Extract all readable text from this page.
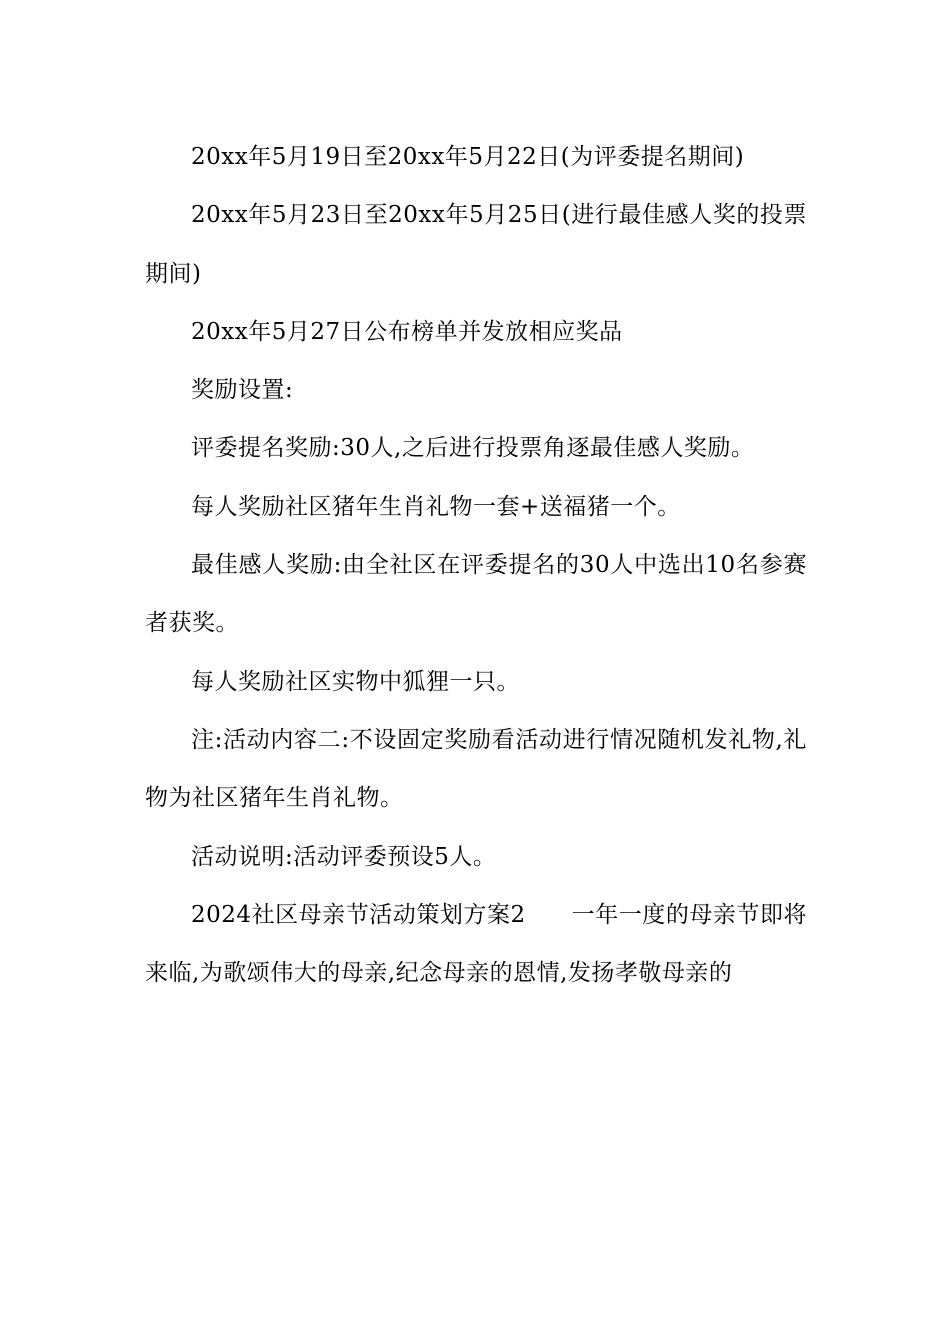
20xx年5月19日至20xx年5月22日(为评委提名期间)

20xx年5月23日至20xx年5月25日(进行最佳感人奖的投票期间)

20xx年5月27日公布榜单并发放相应奖品

奖励设置:

评委提名奖励:30人,之后进行投票角逐最佳感人奖励。

每人奖励社区猪年生肖礼物一套+送福猪一个。

最佳感人奖励:由全社区在评委提名的30人中选出10名参赛者获奖。

每人奖励社区实物中狐狸一只。

注:活动内容二:不设固定奖励看活动进行情况随机发礼物,礼物为社区猪年生肖礼物。

活动说明:活动评委预设5人。

2024社区母亲节活动策划方案2 一年一度的母亲节即将来临,为歌颂伟大的母亲,纪念母亲的恩情,发扬孝敬母亲的
